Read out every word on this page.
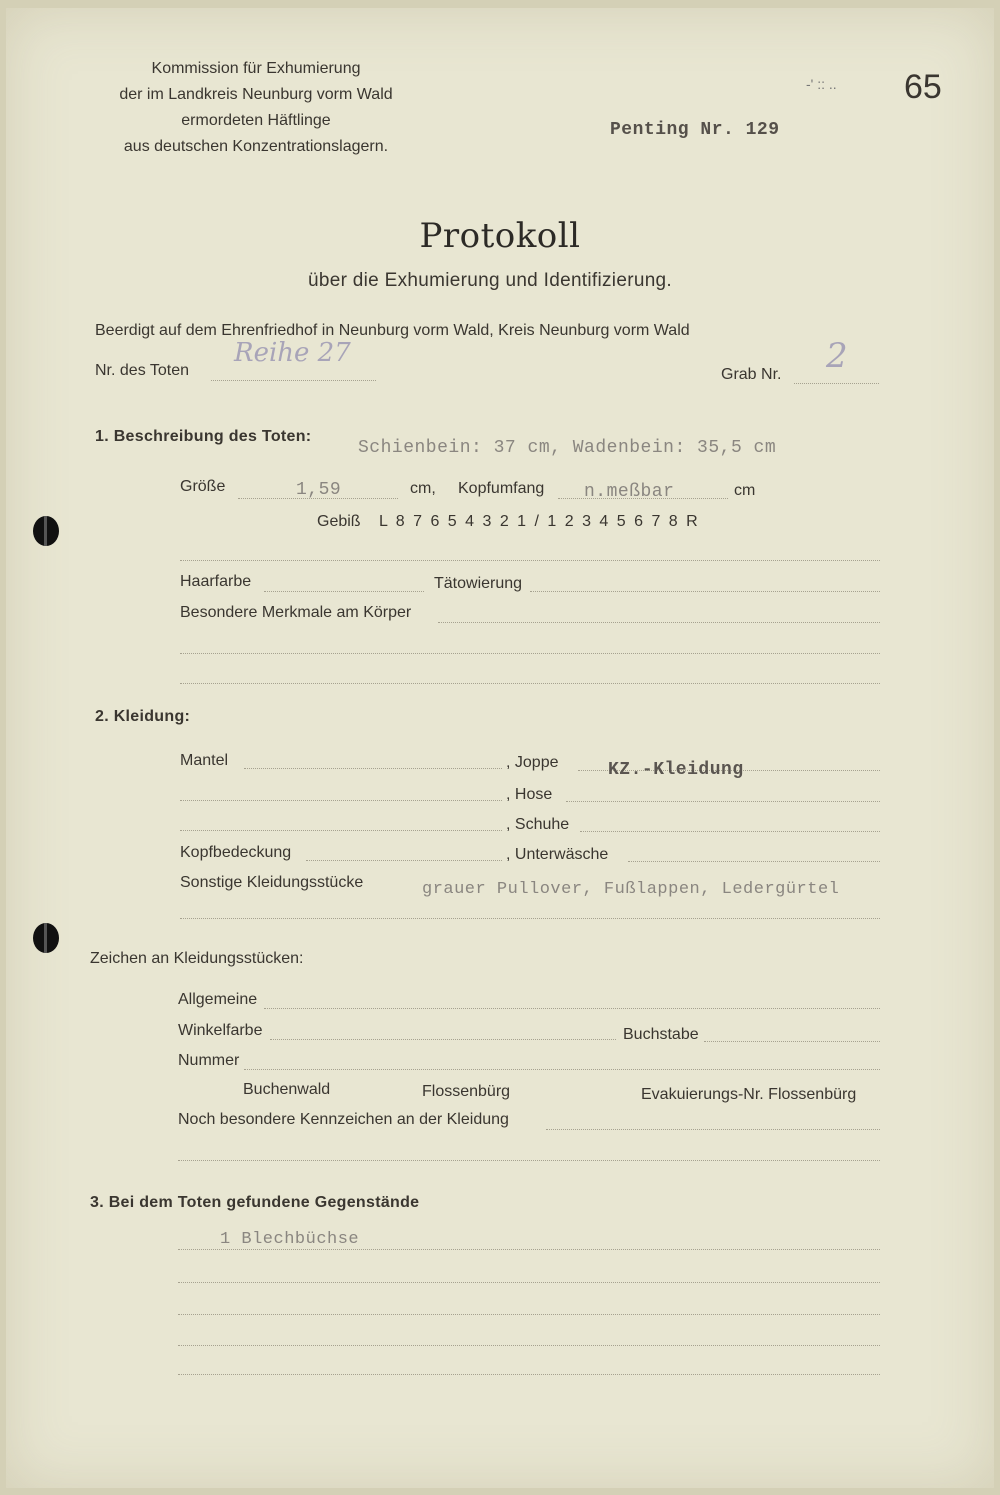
Kommission für Exhumierung
der im Landkreis Neunburg vorm Wald
ermordeten Häftlinge
aus deutschen Konzentrationslagern.
-' :: .. 65
Penting Nr. 129
Protokoll
über die Exhumierung und Identifizierung.
Beerdigt auf dem Ehrenfriedhof in Neunburg vorm Wald, Kreis Neunburg vorm Wald
Nr. des Toten
Reihe 27
Grab Nr. 2
1. Beschreibung des Toten:
Schienbein: 37 cm, Wadenbein: 35,5 cm
Größe	1,59	cm, Kopfumfang n.meßbar	cm
Gebiß L 8 7 6 5 4 3 2 1 / 1 2 3 4 5 6 7 8 R
Haarfarbe	Tätowierung
Besondere Merkmale am Körper
2. Kleidung:
Mantel	, Joppe	KZ.-Kleidung
, Hose
, Schuhe
Kopfbedeckung	, Unterwäsche
Sonstige Kleidungsstücke	grauer Pullover, Fußlappen, Ledergürtel
Zeichen an Kleidungsstücken:
Allgemeine
Winkelfarbe	Buchstabe
Nummer
Buchenwald	Flossenbürg	Evakuierungs-Nr. Flossenbürg
Noch besondere Kennzeichen an der Kleidung
3. Bei dem Toten gefundene Gegenstände
1 Blechbüchse
